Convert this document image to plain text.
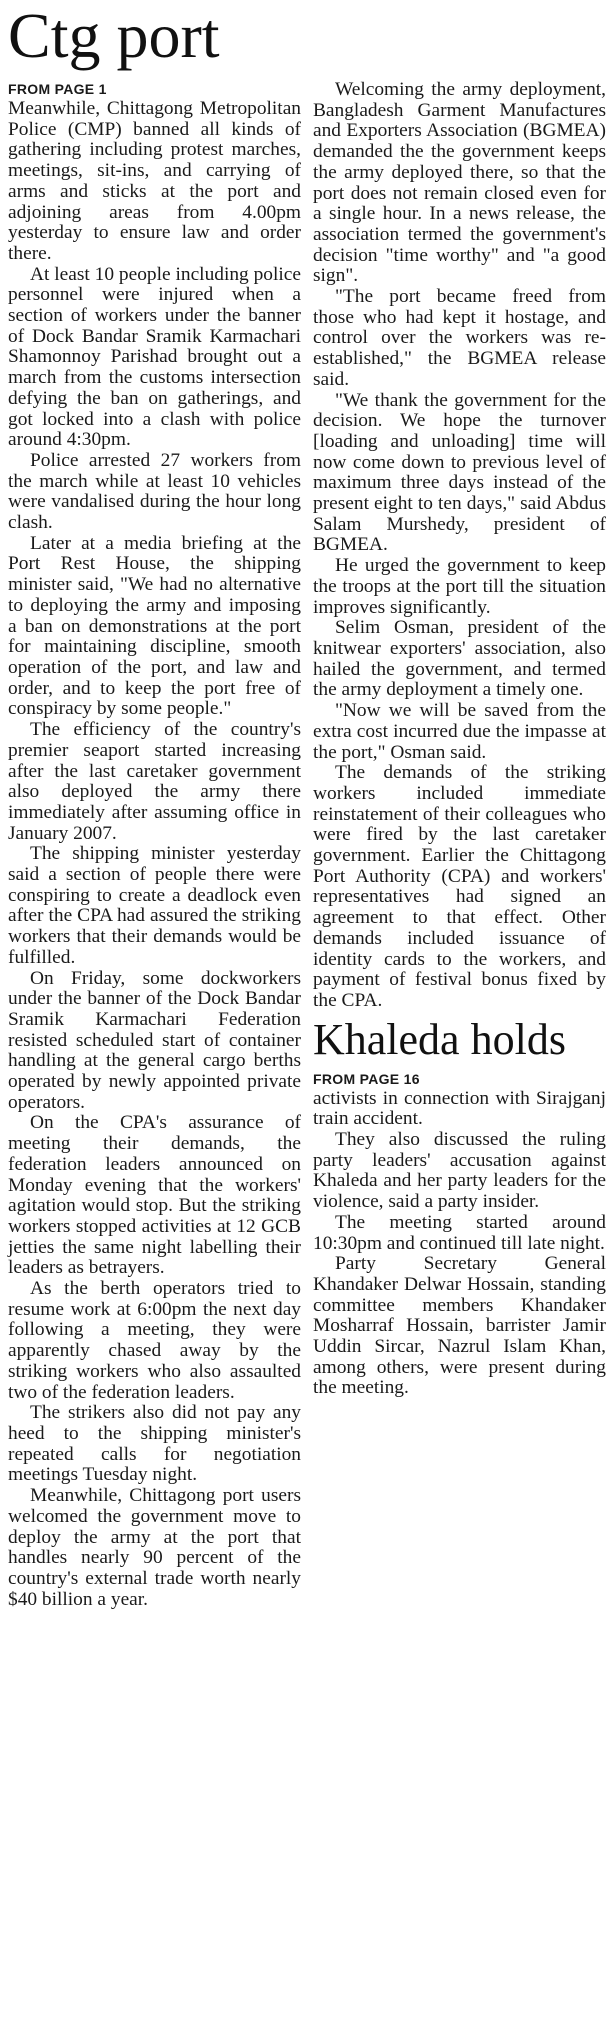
Ctg port
FROM PAGE 1

Meanwhile, Chittagong Metropolitan Police (CMP) banned all kinds of gathering including protest marches, meetings, sit-ins, and carrying of arms and sticks at the port and adjoining areas from 4.00pm yesterday to ensure law and order there.

At least 10 people including police personnel were injured when a section of workers under the banner of Dock Bandar Sramik Karmachari Shamonnoy Parishad brought out a march from the customs intersection defying the ban on gatherings, and got locked into a clash with police around 4:30pm.

Police arrested 27 workers from the march while at least 10 vehicles were vandalised during the hour long clash.

Later at a media briefing at the Port Rest House, the shipping minister said, "We had no alternative to deploying the army and imposing a ban on demonstrations at the port for maintaining discipline, smooth operation of the port, and law and order, and to keep the port free of conspiracy by some people."

The efficiency of the country's premier seaport started increasing after the last caretaker government also deployed the army there immediately after assuming office in January 2007.

The shipping minister yesterday said a section of people there were conspiring to create a deadlock even after the CPA had assured the striking workers that their demands would be fulfilled.

On Friday, some dockworkers under the banner of the Dock Bandar Sramik Karmachari Federation resisted scheduled start of container handling at the general cargo berths operated by newly appointed private operators.

On the CPA's assurance of meeting their demands, the federation leaders announced on Monday evening that the workers' agitation would stop. But the striking workers stopped activities at 12 GCB jetties the same night labelling their leaders as betrayers.

As the berth operators tried to resume work at 6:00pm the next day following a meeting, they were apparently chased away by the striking workers who also assaulted two of the federation leaders.

The strikers also did not pay any heed to the shipping minister's repeated calls for negotiation meetings Tuesday night.

Meanwhile, Chittagong port users welcomed the government move to deploy the army at the port that handles nearly 90 percent of the country's external trade worth nearly $40 billion a year.

Welcoming the army deployment, Bangladesh Garment Manufactures and Exporters Association (BGMEA) demanded the the government keeps the army deployed there, so that the port does not remain closed even for a single hour. In a news release, the association termed the government's decision "time worthy" and "a good sign".

"The port became freed from those who had kept it hostage, and control over the workers was re-established," the BGMEA release said.

"We thank the government for the decision. We hope the turnover [loading and unloading] time will now come down to previous level of maximum three days instead of the present eight to ten days," said Abdus Salam Murshedy, president of BGMEA.

He urged the government to keep the troops at the port till the situation improves significantly.

Selim Osman, president of the knitwear exporters' association, also hailed the government, and termed the army deployment a timely one.

"Now we will be saved from the extra cost incurred due the impasse at the port," Osman said.

The demands of the striking workers included immediate reinstatement of their colleagues who were fired by the last caretaker government. Earlier the Chittagong Port Authority (CPA) and workers' representatives had signed an agreement to that effect. Other demands included issuance of identity cards to the workers, and payment of festival bonus fixed by the CPA.

Khaleda holds
FROM PAGE 16

activists in connection with Sirajganj train accident.

They also discussed the ruling party leaders' accusation against Khaleda and her party leaders for the violence, said a party insider.

The meeting started around 10:30pm and continued till late night.

Party Secretary General Khandaker Delwar Hossain, standing committee members Khandaker Mosharraf Hossain, barrister Jamir Uddin Sircar, Nazrul Islam Khan, among others, were present during the meeting.
